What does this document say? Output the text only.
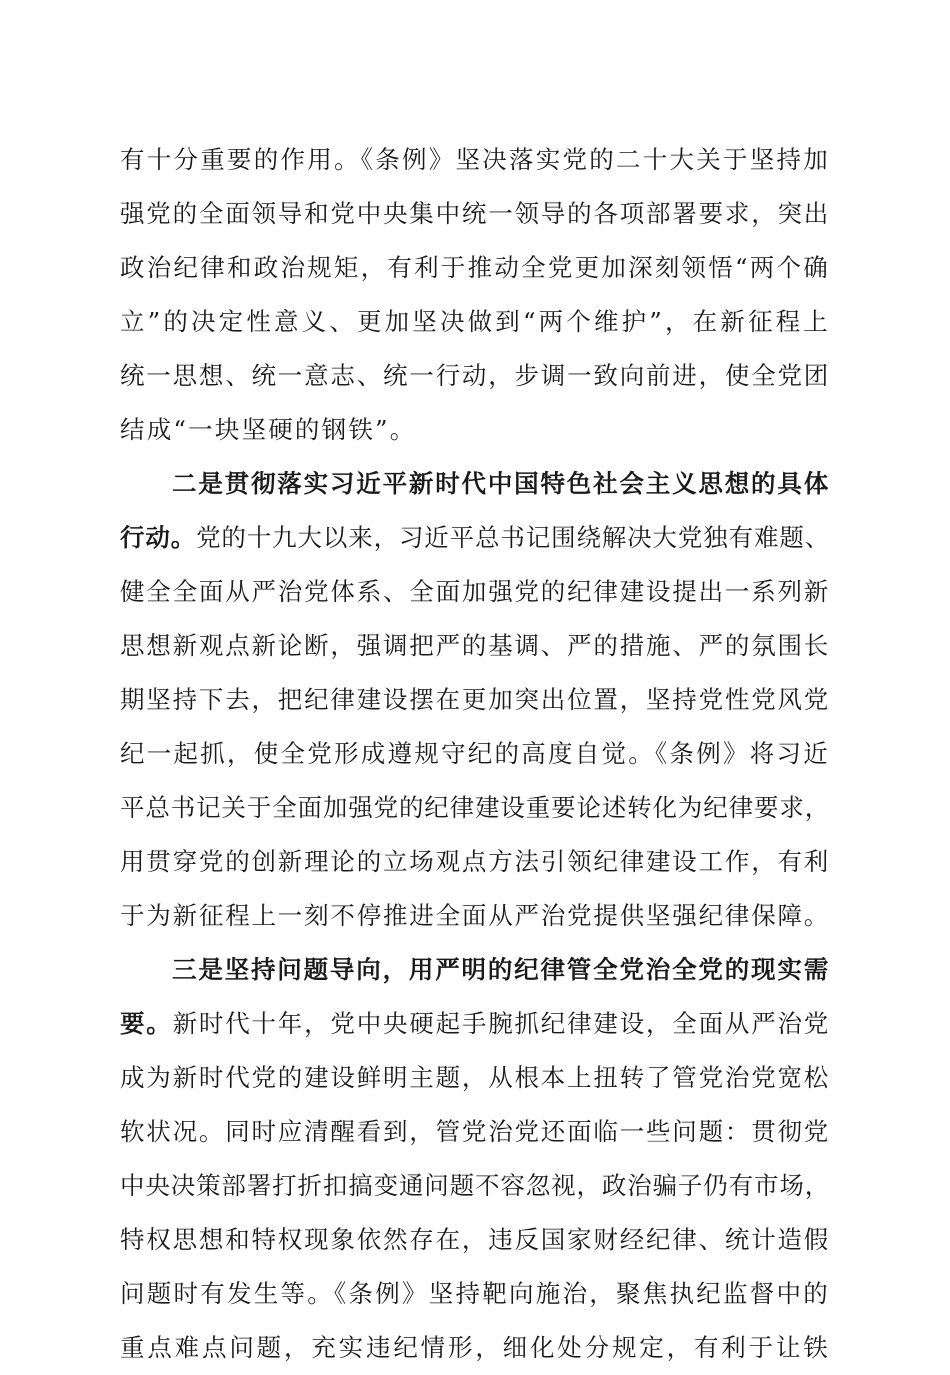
有十分重要的作用。《条例》坚决落实党的二十大关于坚持加
强党的全面领导和党中央集中统一领导的各项部署要求，突出
政治纪律和政治规矩，有利于推动全党更加深刻领悟“两个确
立”的决定性意义、更加坚决做到“两个维护”，在新征程上
统一思想、统一意志、统一行动，步调一致向前进，使全党团
结成“一块坚硬的钢铁”。
二是贯彻落实习近平新时代中国特色社会主义思想的具体
行动。党的十九大以来，习近平总书记围绕解决大党独有难题、
健全全面从严治党体系、全面加强党的纪律建设提出一系列新
思想新观点新论断，强调把严的基调、严的措施、严的氛围长
期坚持下去，把纪律建设摆在更加突出位置，坚持党性党风党
纪一起抓，使全党形成遵规守纪的高度自觉。《条例》将习近
平总书记关于全面加强党的纪律建设重要论述转化为纪律要求，
用贯穿党的创新理论的立场观点方法引领纪律建设工作，有利
于为新征程上一刻不停推进全面从严治党提供坚强纪律保障。
三是坚持问题导向，用严明的纪律管全党治全党的现实需
要。新时代十年，党中央硬起手腕抓纪律建设，全面从严治党
成为新时代党的建设鲜明主题，从根本上扭转了管党治党宽松
软状况。同时应清醒看到，管党治党还面临一些问题：贯彻党
中央决策部署打折扣搞变通问题不容忽视，政治骗子仍有市场，
特权思想和特权现象依然存在，违反国家财经纪律、统计造假
问题时有发生等。《条例》坚持靶向施治，聚焦执纪监督中的
重点难点问题，充实违纪情形，细化处分规定，有利于让铁
